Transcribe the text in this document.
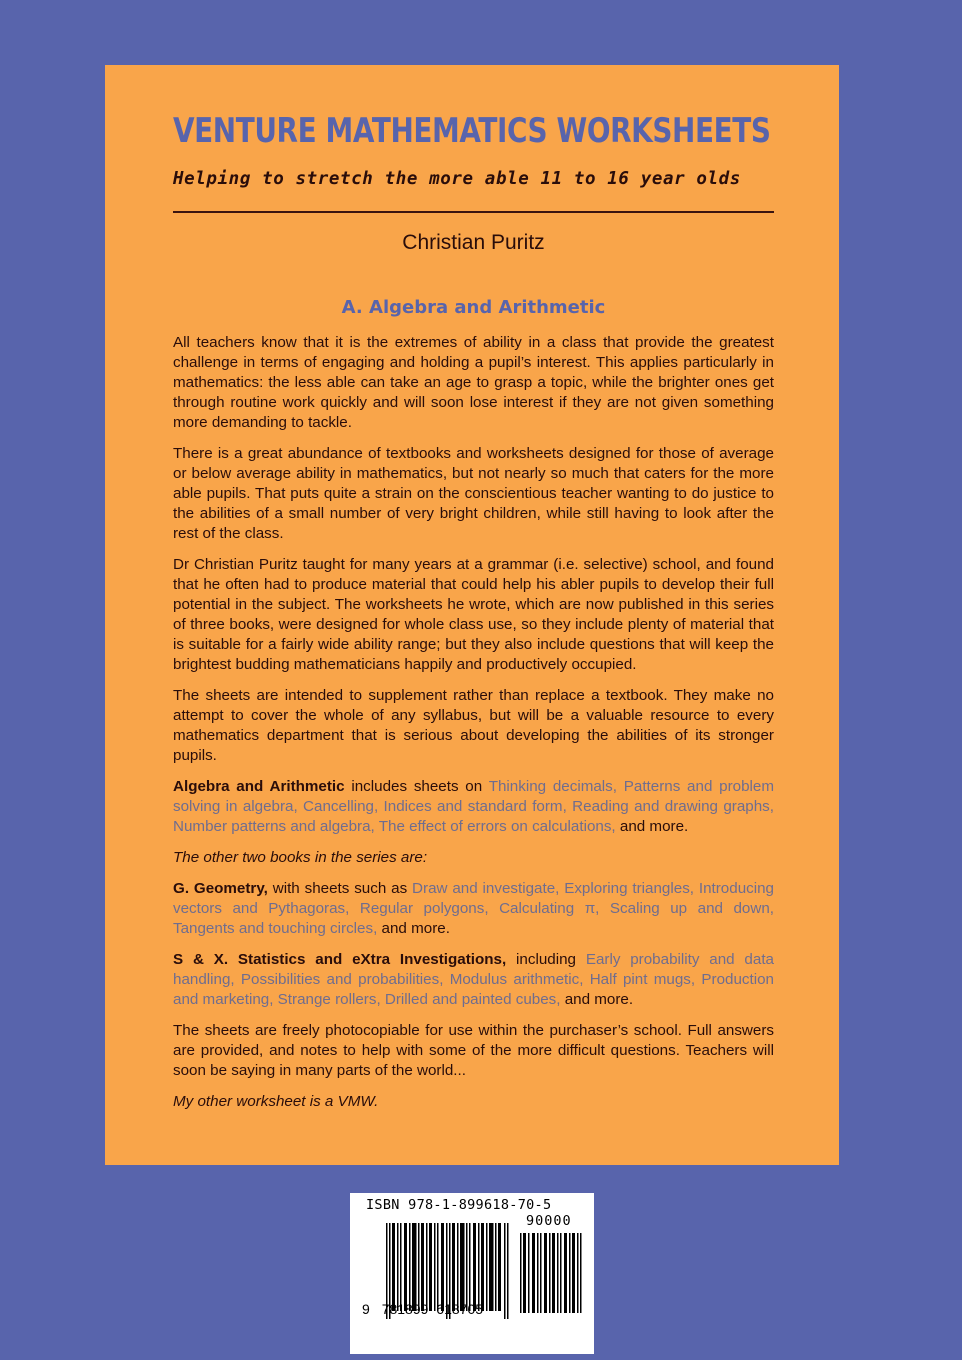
VENTURE MATHEMATICS WORKSHEETS
Helping to stretch the more able 11 to 16 year olds
Christian Puritz
A. Algebra and Arithmetic

All teachers know that it is the extremes of ability in a class that provide the greatest challenge in terms of engaging and holding a pupil’s interest. This applies particularly in mathematics: the less able can take an age to grasp a topic, while the brighter ones get through routine work quickly and will soon lose interest if they are not given something more demanding to tackle.

There is a great abundance of textbooks and worksheets designed for those of average or below average ability in mathematics, but not nearly so much that caters for the more able pupils. That puts quite a strain on the conscientious teacher wanting to do justice to the abilities of a small number of very bright children, while still having to look after the rest of the class.

Dr Christian Puritz taught for many years at a grammar (i.e. selective) school, and found that he often had to produce material that could help his abler pupils to develop their full potential in the subject. The worksheets he wrote, which are now published in this series of three books, were designed for whole class use, so they include plenty of material that is suitable for a fairly wide ability range; but they also include questions that will keep the brightest budding mathematicians happily and productively occupied.

The sheets are intended to supplement rather than replace a textbook. They make no attempt to cover the whole of any syllabus, but will be a valuable resource to every mathematics department that is serious about developing the abilities of its stronger pupils.

Algebra and Arithmetic includes sheets on Thinking decimals, Patterns and problem solving in algebra, Cancelling, Indices and standard form, Reading and drawing graphs, Number patterns and algebra, The effect of errors on calculations, and more.

The other two books in the series are:

G. Geometry, with sheets such as Draw and investigate, Exploring triangles, Introducing vectors and Pythagoras, Regular polygons, Calculating π, Scaling up and down, Tangents and touching circles, and more.

S & X. Statistics and eXtra Investigations, including Early probability and data handling, Possibilities and probabilities, Modulus arithmetic, Half pint mugs, Production and marketing, Strange rollers, Drilled and painted cubes, and more.

The sheets are freely photocopiable for use within the purchaser’s school. Full answers are provided, and notes to help with some of the more difficult questions. Teachers will soon be saying in many parts of the world...

My other worksheet is a VMW.

ISBN 978-1-899618-70-5
90000
9 781899 618705
